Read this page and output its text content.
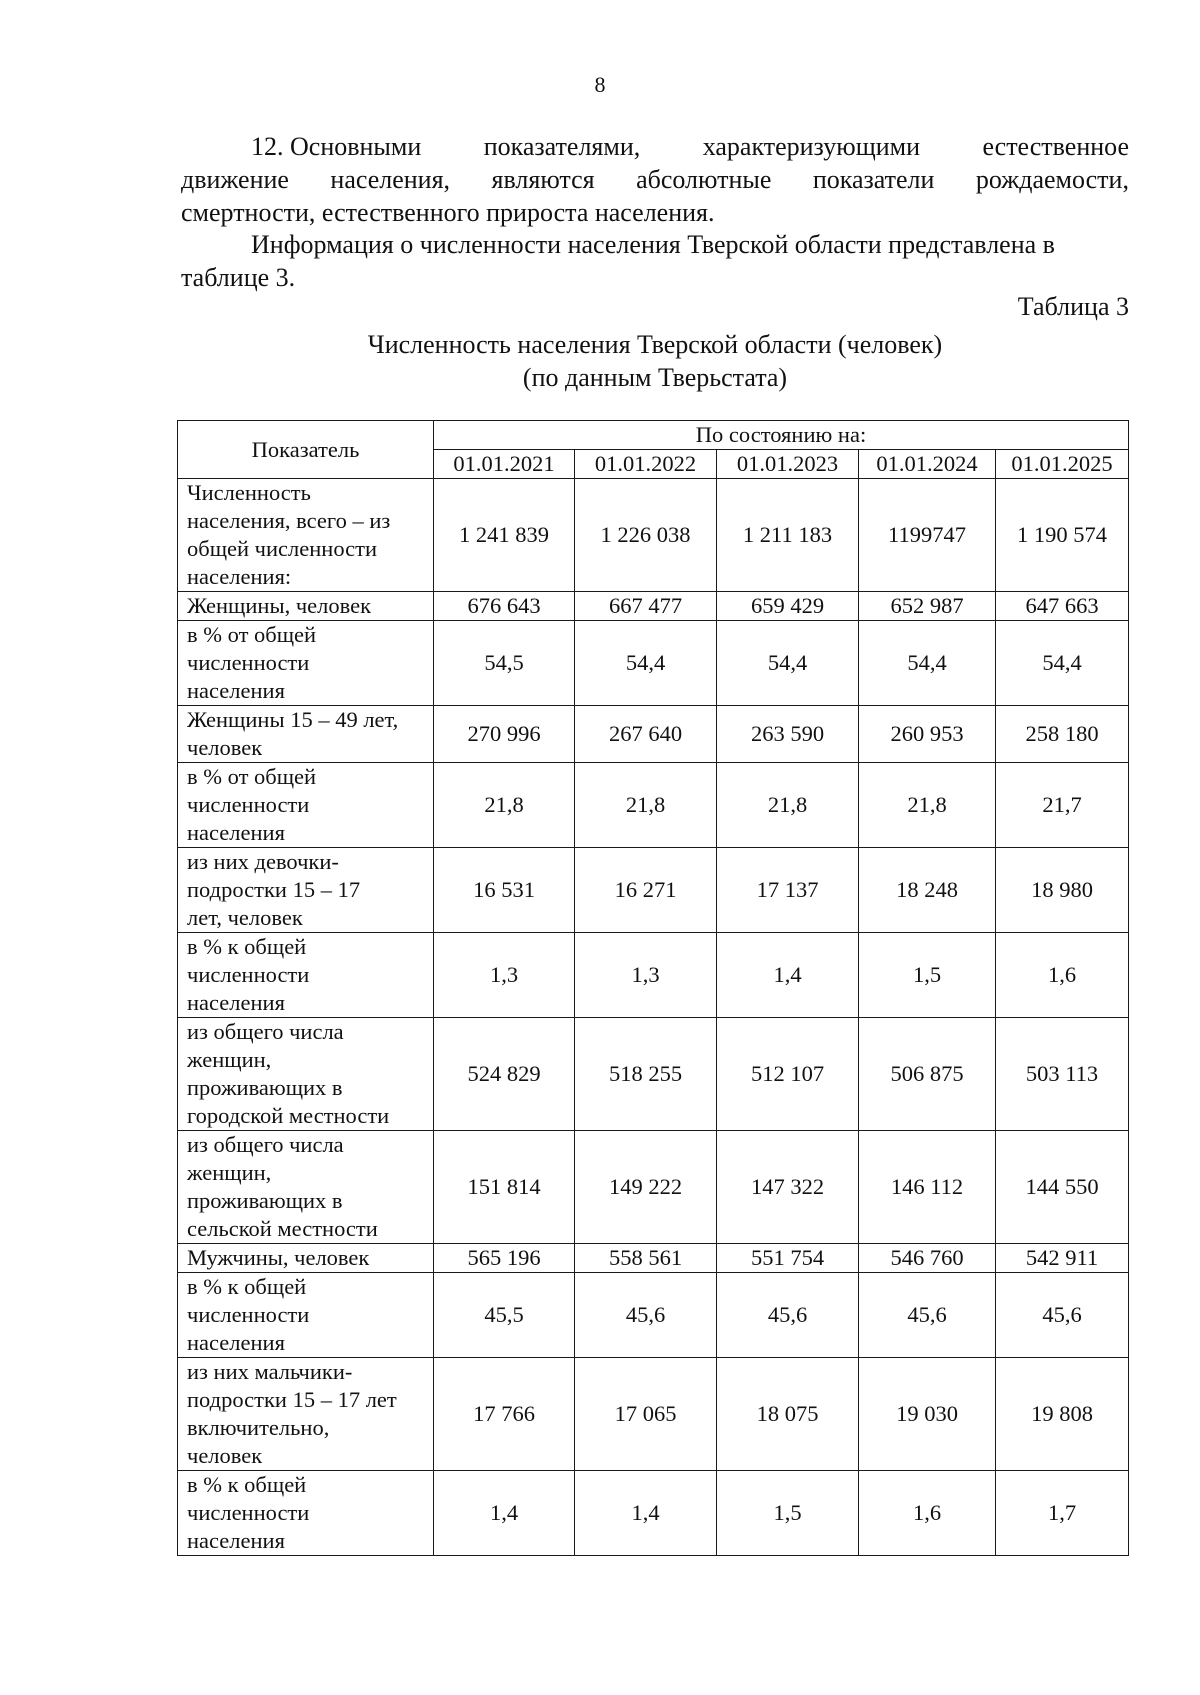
8
12. Основными показателями, характеризующими естественное
движение населения, являются абсолютные показатели рождаемости,
смертности, естественного прироста населения.
Информация о численности населения Тверской области представлена в
таблице 3.
Таблица 3
Численность населения Тверской области (человек)
(по данным Тверьстата)
Показатель	По состоянию на:				
	01.01.2021	01.01.2022	01.01.2023	01.01.2024	01.01.2025

Численность
населения, всего – из
общей численности
населения:	1 241 839	1 226 038	1 211 183	1199747	1 190 574

Женщины, человек	676 643	667 477	659 429	652 987	647 663

в % от общей
численности
населения	54,5	54,4	54,4	54,4	54,4

Женщины 15 – 49 лет,
человек	270 996	267 640	263 590	260 953	258 180

в % от общей
численности
населения	21,8	21,8	21,8	21,8	21,7

из них девочки-
подростки 15 – 17
лет, человек	16 531	16 271	17 137	18 248	18 980

в % к общей
численности
населения	1,3	1,3	1,4	1,5	1,6

из общего числа
женщин,
проживающих в
городской местности	524 829	518 255	512 107	506 875	503 113

из общего числа
женщин,
проживающих в
сельской местности	151 814	149 222	147 322	146 112	144 550

Мужчины, человек	565 196	558 561	551 754	546 760	542 911

в % к общей
численности
населения	45,5	45,6	45,6	45,6	45,6

из них мальчики-
подростки 15 – 17 лет
включительно,
человек	17 766	17 065	18 075	19 030	19 808

в % к общей
численности
населения	1,4	1,4	1,5	1,6	1,7
